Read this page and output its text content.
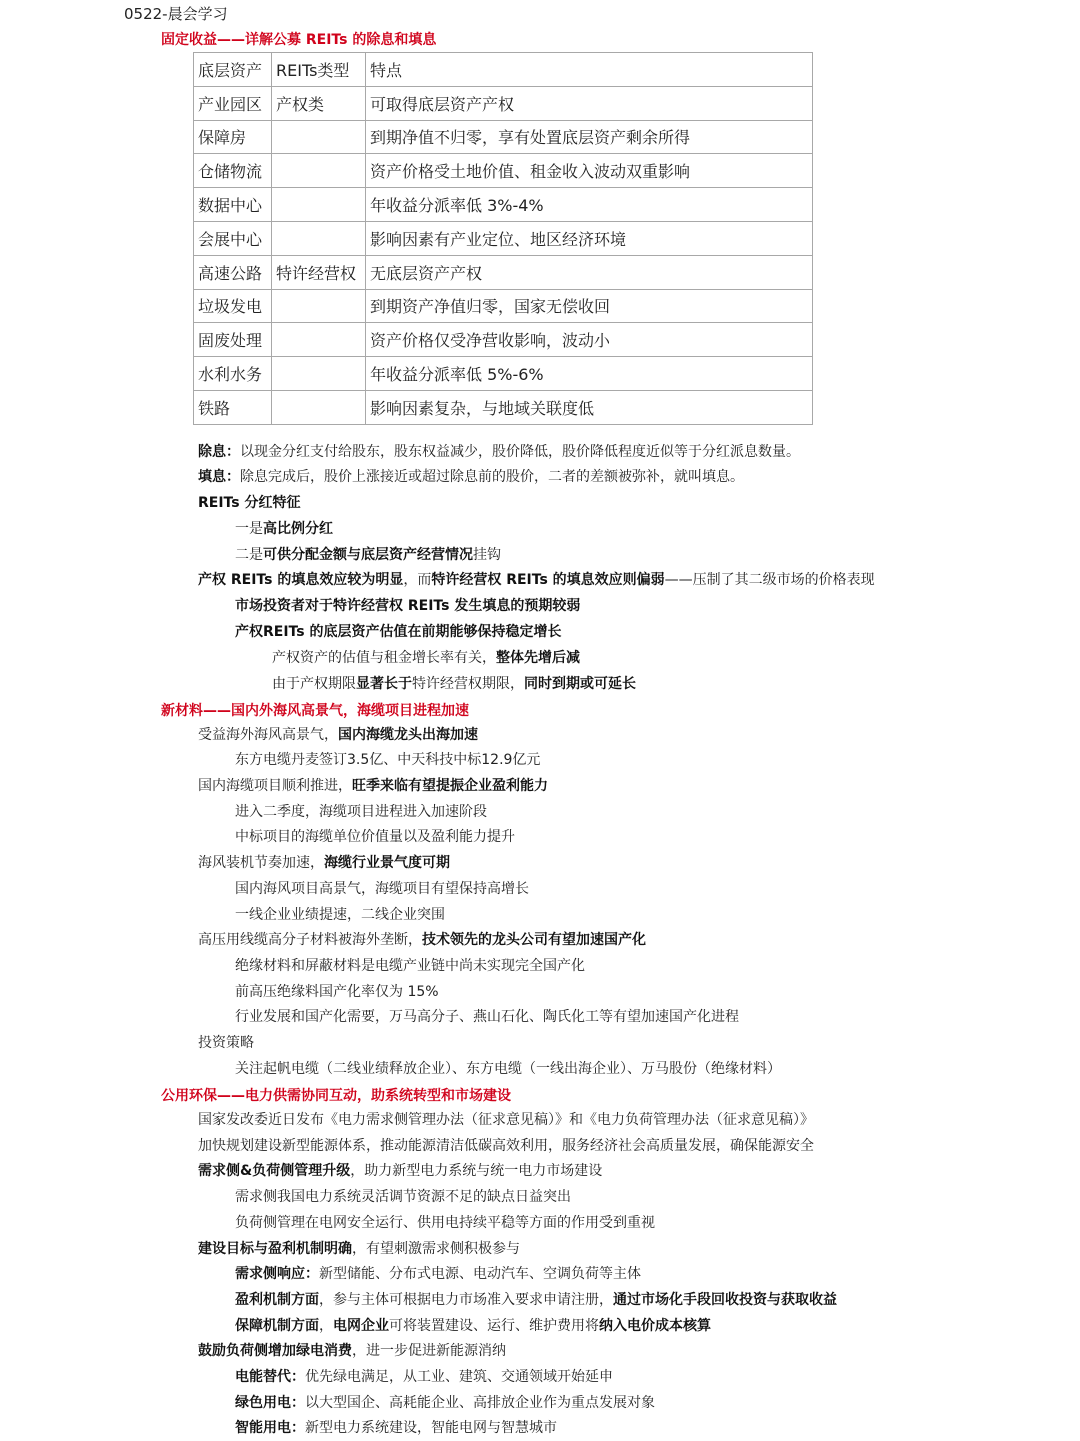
0522-晨会学习
固定收益——详解公募 REITs 的除息和填息
底层资产	REITs类型	特点
产业园区	产权类	可取得底层资产产权
保障房		到期净值不归零，享有处置底层资产剩余所得
仓储物流		资产价格受土地价值、租金收入波动双重影响
数据中心		年收益分派率低 3%-4%
会展中心		影响因素有产业定位、地区经济环境
高速公路	特许经营权	无底层资产产权
垃圾发电		到期资产净值归零，国家无偿收回
固废处理		资产价格仅受净营收影响，波动小
水利水务		年收益分派率低 5%-6%
铁路		影响因素复杂，与地域关联度低
除息：以现金分红支付给股东，股东权益减少，股价降低，股价降低程度近似等于分红派息数量。
填息：除息完成后，股价上涨接近或超过除息前的股价，二者的差额被弥补，就叫填息。
REITs 分红特征
一是高比例分红
二是可供分配金额与底层资产经营情况挂钩
产权 REITs 的填息效应较为明显，而特许经营权 REITs 的填息效应则偏弱——压制了其二级市场的价格表现
市场投资者对于特许经营权 REITs 发生填息的预期较弱
产权REITs 的底层资产估值在前期能够保持稳定增长
产权资产的估值与租金增长率有关，整体先增后减
由于产权期限显著长于特许经营权期限，同时到期或可延长
新材料——国内外海风高景气，海缆项目进程加速
受益海外海风高景气，国内海缆龙头出海加速
东方电缆丹麦签订3.5亿、中天科技中标12.9亿元
国内海缆项目顺利推进，旺季来临有望提振企业盈利能力
进入二季度，海缆项目进程进入加速阶段
中标项目的海缆单位价值量以及盈利能力提升
海风装机节奏加速，海缆行业景气度可期
国内海风项目高景气，海缆项目有望保持高增长
一线企业业绩提速，二线企业突围
高压用线缆高分子材料被海外垄断，技术领先的龙头公司有望加速国产化
绝缘材料和屏蔽材料是电缆产业链中尚未实现完全国产化
前高压绝缘料国产化率仅为 15%
行业发展和国产化需要，万马高分子、燕山石化、陶氏化工等有望加速国产化进程
投资策略
关注起帆电缆（二线业绩释放企业）、东方电缆（一线出海企业）、万马股份（绝缘材料）
公用环保——电力供需协同互动，助系统转型和市场建设
国家发改委近日发布《电力需求侧管理办法（征求意见稿）》和《电力负荷管理办法（征求意见稿）》
加快规划建设新型能源体系，推动能源清洁低碳高效利用，服务经济社会高质量发展，确保能源安全
需求侧&负荷侧管理升级，助力新型电力系统与统一电力市场建设
需求侧我国电力系统灵活调节资源不足的缺点日益突出
负荷侧管理在电网安全运行、供用电持续平稳等方面的作用受到重视
建设目标与盈利机制明确，有望刺激需求侧积极参与
需求侧响应：新型储能、分布式电源、电动汽车、空调负荷等主体
盈利机制方面，参与主体可根据电力市场准入要求申请注册，通过市场化手段回收投资与获取收益
保障机制方面，电网企业可将装置建设、运行、维护费用将纳入电价成本核算
鼓励负荷侧增加绿电消费，进一步促进新能源消纳
电能替代：优先绿电满足，从工业、建筑、交通领域开始延申
绿色用电：以大型国企、高耗能企业、高排放企业作为重点发展对象
智能用电：新型电力系统建设，智能电网与智慧城市
